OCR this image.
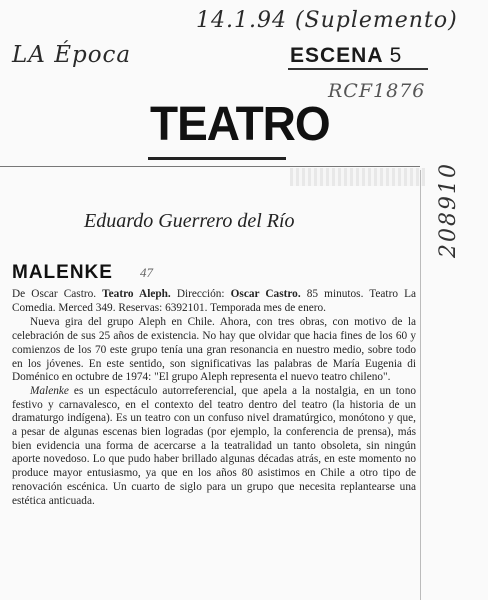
14.1.94 (Suplemento)
LA Época
RCF1876
208910
ESCENA 5
TEATRO
Eduardo Guerrero del Río
MALENKE 47

De Oscar Castro. Teatro Aleph. Dirección: Oscar Castro. 85 minutos. Teatro La Comedia. Merced 349. Reservas: 6392101. Temporada mes de enero.

Nueva gira del grupo Aleph en Chile. Ahora, con tres obras, con motivo de la celebración de sus 25 años de existencia. No hay que olvidar que hacia fines de los 60 y comienzos de los 70 este grupo tenía una gran resonancia en nuestro medio, sobre todo en los jóvenes. En este sentido, son significativas las palabras de María Eugenia di Doménico en octubre de 1974: "El grupo Aleph representa el nuevo teatro chileno".

Malenke es un espectáculo autorreferencial, que apela a la nostalgia, en un tono festivo y carnavalesco, en el contexto del teatro dentro del teatro (la historia de un dramaturgo indígena). Es un teatro con un confuso nivel dramatúrgico, monótono y que, a pesar de algunas escenas bien logradas (por ejemplo, la conferencia de prensa), más bien evidencia una forma de acercarse a la teatralidad un tanto obsoleta, sin ningún aporte novedoso. Lo que pudo haber brillado algunas décadas atrás, en este momento no produce mayor entusiasmo, ya que en los años 80 asistimos en Chile a otro tipo de renovación escénica. Un cuarto de siglo para un grupo que necesita replantearse una estética anticuada.
